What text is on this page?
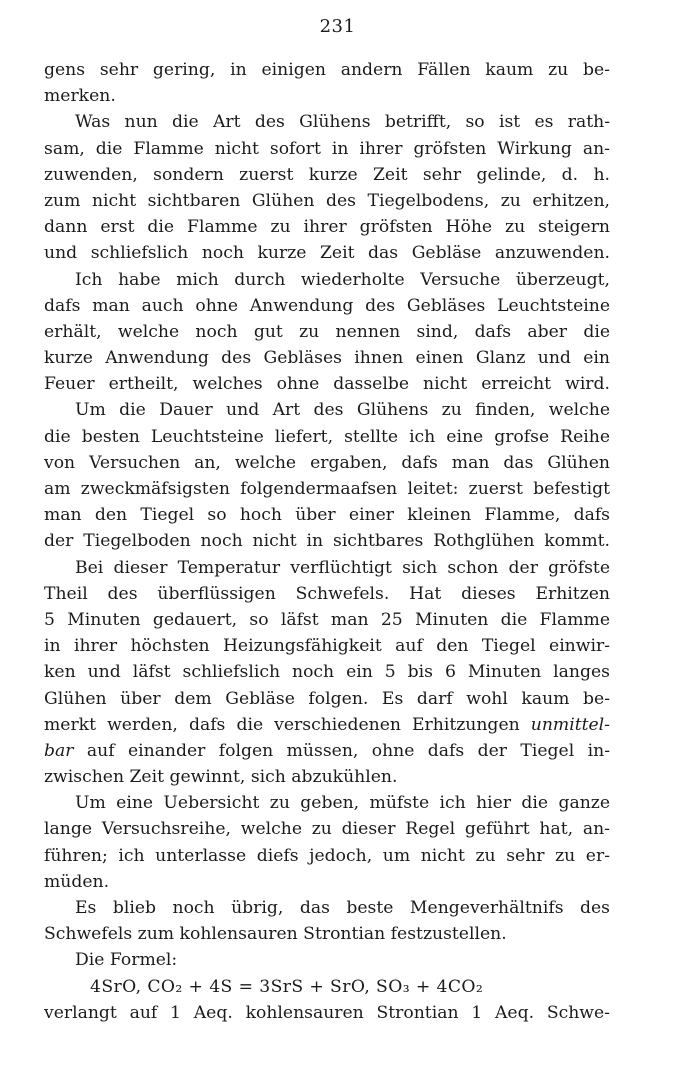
231
gens sehr gering, in einigen andern Fällen kaum zu be-
merken.
Was nun die Art des Glühens betrifft, so ist es rath-
sam, die Flamme nicht sofort in ihrer gröfsten Wirkung an-
zuwenden, sondern zuerst kurze Zeit sehr gelinde, d. h.
zum nicht sichtbaren Glühen des Tiegelbodens, zu erhitzen,
dann erst die Flamme zu ihrer gröfsten Höhe zu steigern
und schliefslich noch kurze Zeit das Gebläse anzuwenden.
Ich habe mich durch wiederholte Versuche überzeugt,
dafs man auch ohne Anwendung des Gebläses Leuchtsteine
erhält, welche noch gut zu nennen sind, dafs aber die
kurze Anwendung des Gebläses ihnen einen Glanz und ein
Feuer ertheilt, welches ohne dasselbe nicht erreicht wird.
Um die Dauer und Art des Glühens zu finden, welche
die besten Leuchtsteine liefert, stellte ich eine grofse Reihe
von Versuchen an, welche ergaben, dafs man das Glühen
am zweckmäfsigsten folgendermaafsen leitet: zuerst befestigt
man den Tiegel so hoch über einer kleinen Flamme, dafs
der Tiegelboden noch nicht in sichtbares Rothglühen kommt.
Bei dieser Temperatur verflüchtigt sich schon der gröfste
Theil des überflüssigen Schwefels. Hat dieses Erhitzen
5 Minuten gedauert, so läfst man 25 Minuten die Flamme
in ihrer höchsten Heizungsfähigkeit auf den Tiegel einwir-
ken und läfst schliefslich noch ein 5 bis 6 Minuten langes
Glühen über dem Gebläse folgen. Es darf wohl kaum be-
merkt werden, dafs die verschiedenen Erhitzungen unmittel-
bar auf einander folgen müssen, ohne dafs der Tiegel in-
zwischen Zeit gewinnt, sich abzukühlen.
Um eine Uebersicht zu geben, müfste ich hier die ganze
lange Versuchsreihe, welche zu dieser Regel geführt hat, an-
führen; ich unterlasse diefs jedoch, um nicht zu sehr zu er-
müden.
Es blieb noch übrig, das beste Mengeverhältnifs des
Schwefels zum kohlensauren Strontian festzustellen.
Die Formel:
4SrO, CO₂ + 4S = 3SrS + SrO, SO₃ + 4CO₂
verlangt auf 1 Aeq. kohlensauren Strontian 1 Aeq. Schwe-
